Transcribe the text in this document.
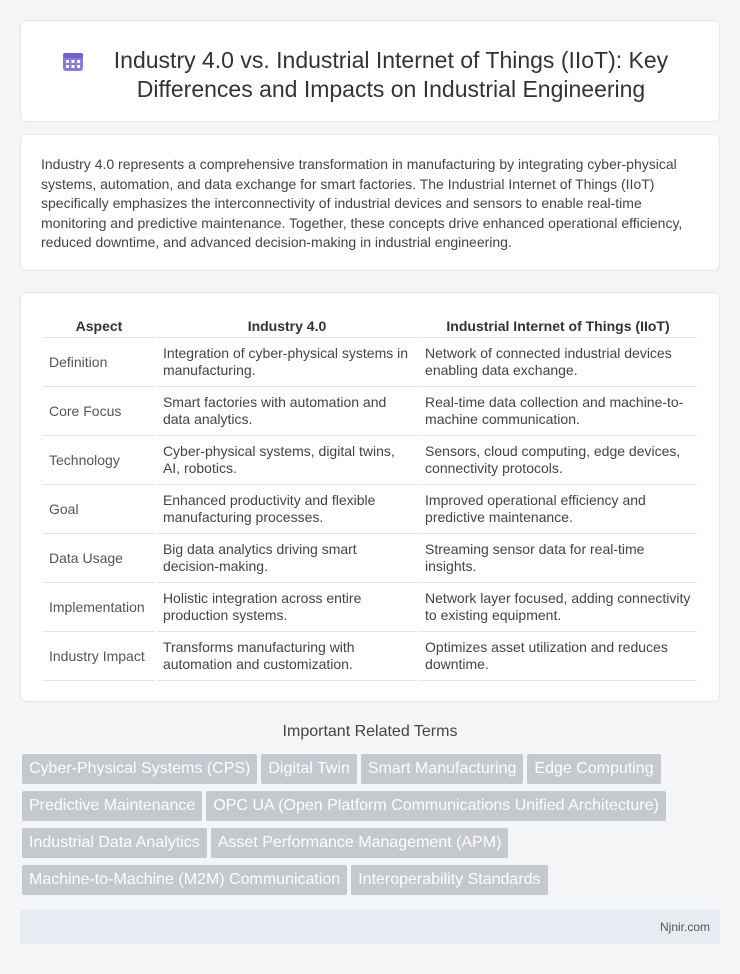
Industry 4.0 vs. Industrial Internet of Things (IIoT): Key Differences and Impacts on Industrial Engineering

Industry 4.0 represents a comprehensive transformation in manufacturing by integrating cyber-physical systems, automation, and data exchange for smart factories. The Industrial Internet of Things (IIoT) specifically emphasizes the interconnectivity of industrial devices and sensors to enable real-time monitoring and predictive maintenance. Together, these concepts drive enhanced operational efficiency, reduced downtime, and advanced decision-making in industrial engineering.

Aspect	Industry 4.0	Industrial Internet of Things (IIoT)
Definition	Integration of cyber-physical systems in manufacturing.	Network of connected industrial devices enabling data exchange.
Core Focus	Smart factories with automation and data analytics.	Real-time data collection and machine-to-machine communication.
Technology	Cyber-physical systems, digital twins, AI, robotics.	Sensors, cloud computing, edge devices, connectivity protocols.
Goal	Enhanced productivity and flexible manufacturing processes.	Improved operational efficiency and predictive maintenance.
Data Usage	Big data analytics driving smart decision-making.	Streaming sensor data for real-time insights.
Implementation	Holistic integration across entire production systems.	Network layer focused, adding connectivity to existing equipment.
Industry Impact	Transforms manufacturing with automation and customization.	Optimizes asset utilization and reduces downtime.
Important Related Terms
Cyber-Physical Systems (CPS) Digital Twin Smart Manufacturing Edge Computing
Predictive Maintenance OPC UA (Open Platform Communications Unified Architecture)
Industrial Data Analytics Asset Performance Management (APM)
Machine-to-Machine (M2M) Communication Interoperability Standards
Njnir.com
